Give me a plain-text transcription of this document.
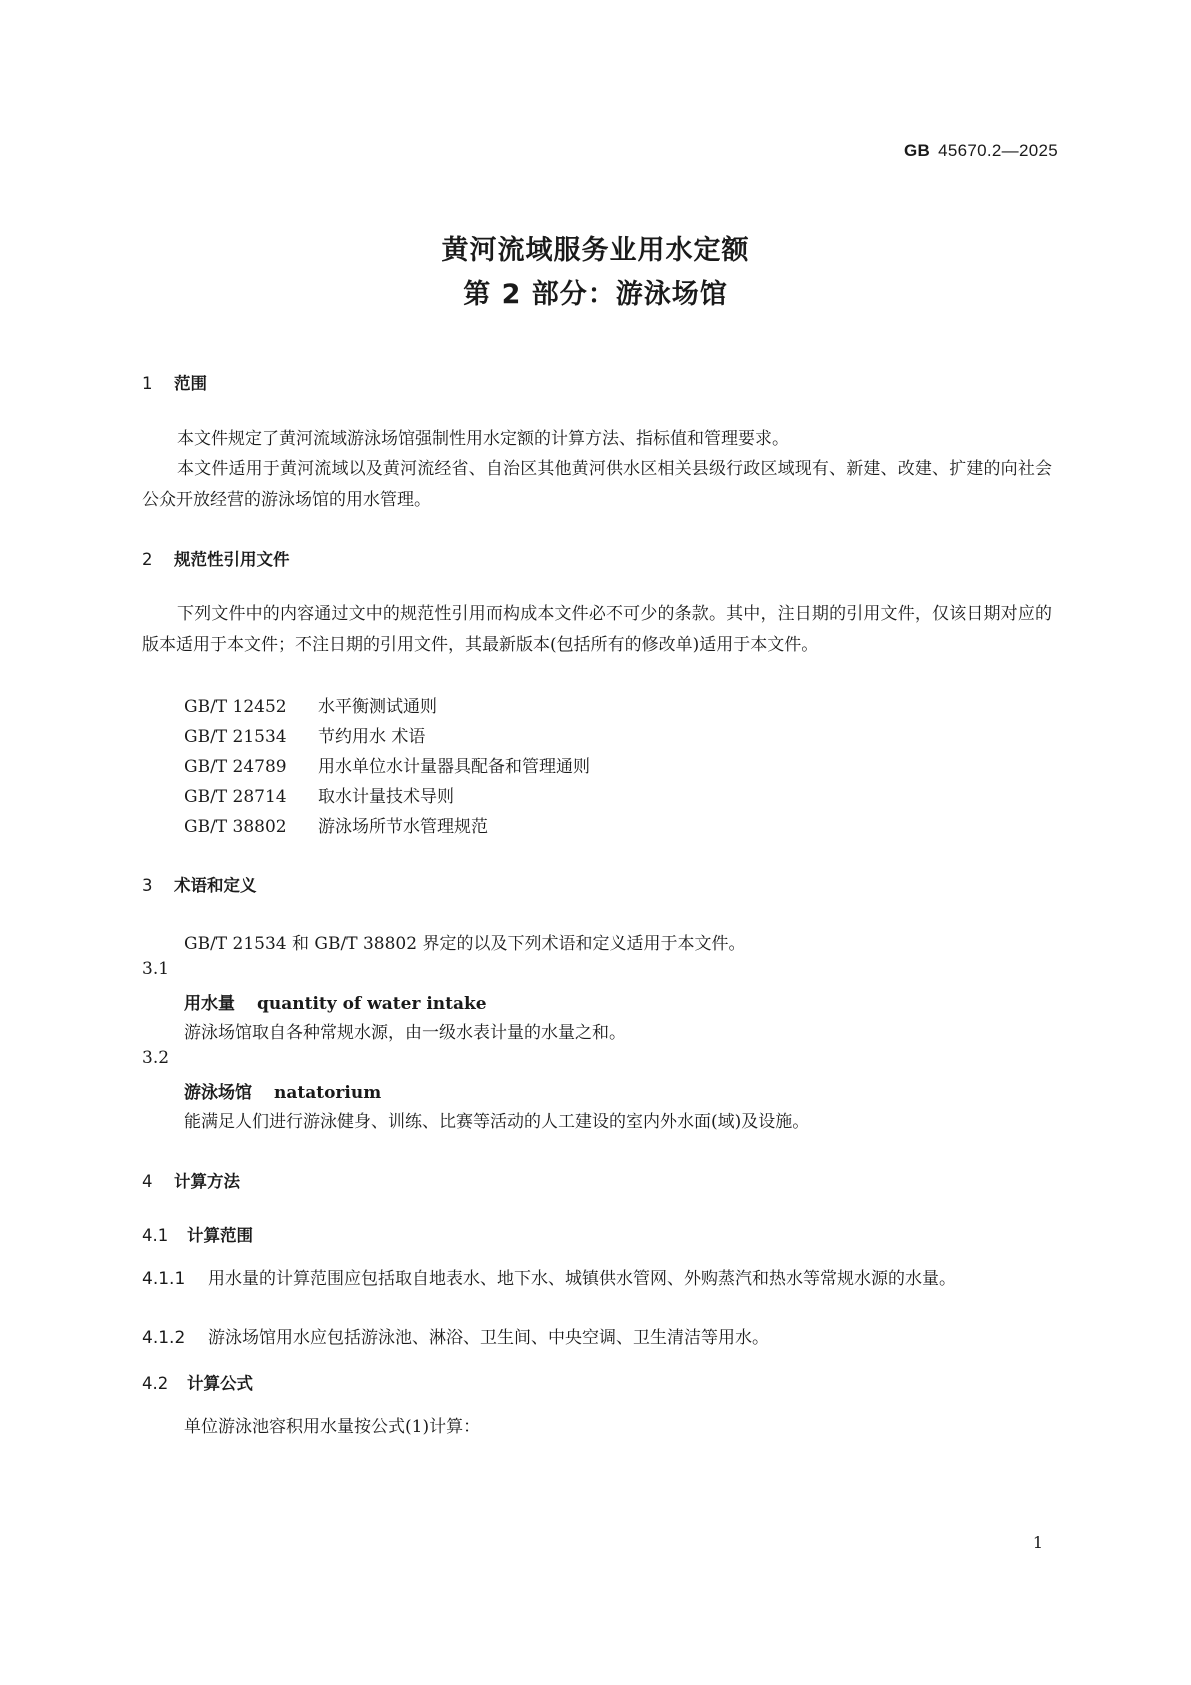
GB 45670.2—2025
黄河流域服务业用水定额
第 2 部分：游泳场馆
1 范围
本文件规定了黄河流域游泳场馆强制性用水定额的计算方法、指标值和管理要求。
本文件适用于黄河流域以及黄河流经省、自治区其他黄河供水区相关县级行政区域现有、新建、改建、扩建的向社会公众开放经营的游泳场馆的用水管理。
2 规范性引用文件
下列文件中的内容通过文中的规范性引用而构成本文件必不可少的条款。其中，注日期的引用文件，仅该日期对应的版本适用于本文件；不注日期的引用文件，其最新版本(包括所有的修改单)适用于本文件。
GB/T 12452 水平衡测试通则
GB/T 21534 节约用水 术语
GB/T 24789 用水单位水计量器具配备和管理通则
GB/T 28714 取水计量技术导则
GB/T 38802 游泳场所节水管理规范
3 术语和定义
GB/T 21534 和 GB/T 38802 界定的以及下列术语和定义适用于本文件。
3.1
用水量 quantity of water intake
游泳场馆取自各种常规水源，由一级水表计量的水量之和。
3.2
游泳场馆 natatorium
能满足人们进行游泳健身、训练、比赛等活动的人工建设的室内外水面(域)及设施。
4 计算方法
4.1 计算范围
4.1.1 用水量的计算范围应包括取自地表水、地下水、城镇供水管网、外购蒸汽和热水等常规水源的水量。
4.1.2 游泳场馆用水应包括游泳池、淋浴、卫生间、中央空调、卫生清洁等用水。
4.2 计算公式
单位游泳池容积用水量按公式(1)计算：
1
